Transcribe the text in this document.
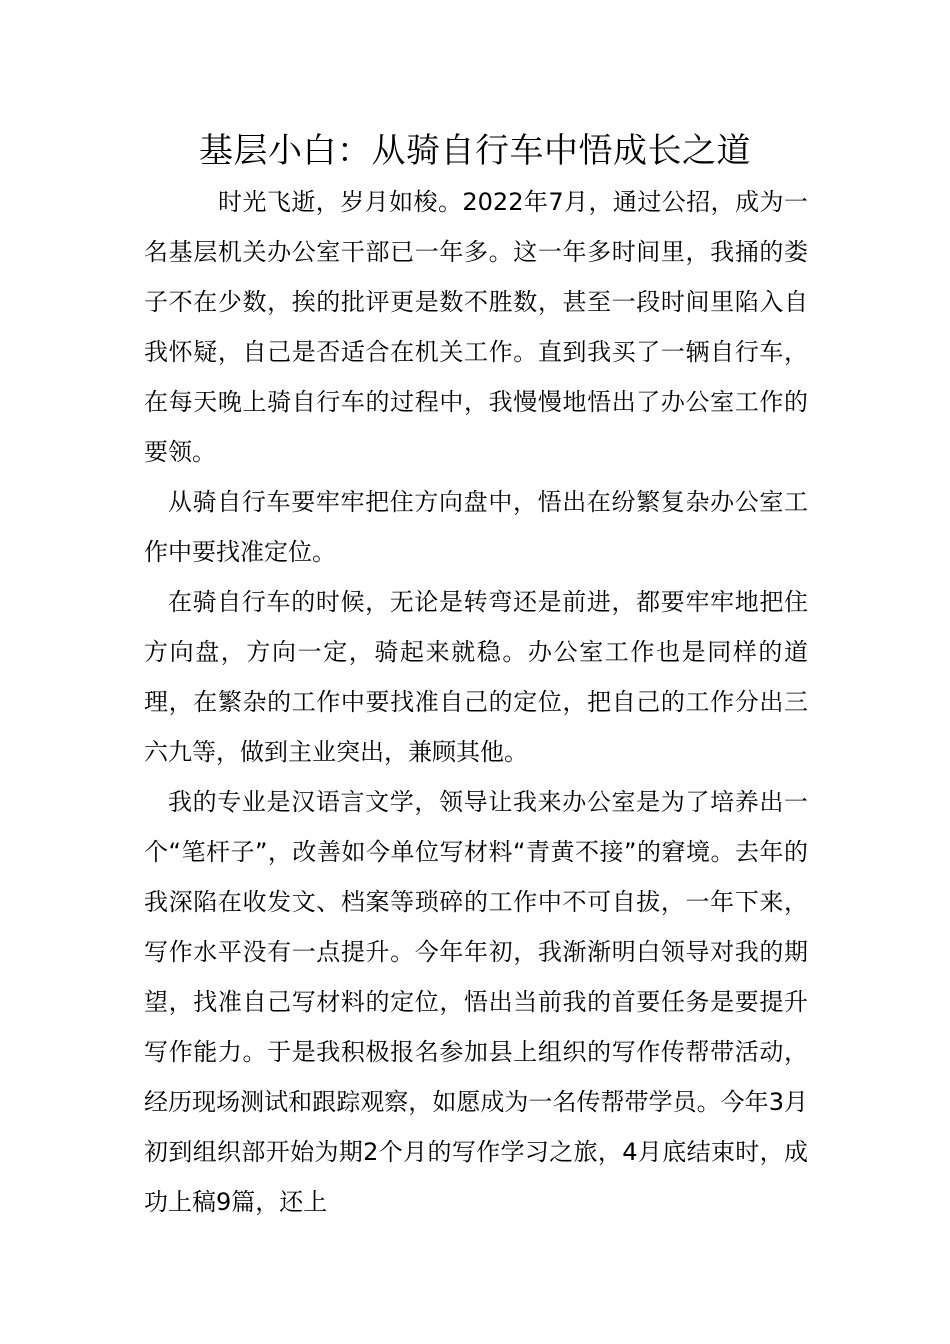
基层小白：从骑自行车中悟成长之道

时光飞逝，岁月如梭。2022年7月，通过公招，成为一名基层机关办公室干部已一年多。这一年多时间里，我捅的娄子不在少数，挨的批评更是数不胜数，甚至一段时间里陷入自我怀疑，自己是否适合在机关工作。直到我买了一辆自行车，在每天晚上骑自行车的过程中，我慢慢地悟出了办公室工作的要领。

从骑自行车要牢牢把住方向盘中，悟出在纷繁复杂办公室工作中要找准定位。

在骑自行车的时候，无论是转弯还是前进，都要牢牢地把住方向盘，方向一定，骑起来就稳。办公室工作也是同样的道理，在繁杂的工作中要找准自己的定位，把自己的工作分出三六九等，做到主业突出，兼顾其他。

我的专业是汉语言文学，领导让我来办公室是为了培养出一个“笔杆子”，改善如今单位写材料“青黄不接”的窘境。去年的我深陷在收发文、档案等琐碎的工作中不可自拔，一年下来，写作水平没有一点提升。今年年初，我渐渐明白领导对我的期望，找准自己写材料的定位，悟出当前我的首要任务是要提升写作能力。于是我积极报名参加县上组织的写作传帮带活动，经历现场测试和跟踪观察，如愿成为一名传帮带学员。今年3月初到组织部开始为期2个月的写作学习之旅，4月底结束时，成功上稿9篇，还上
